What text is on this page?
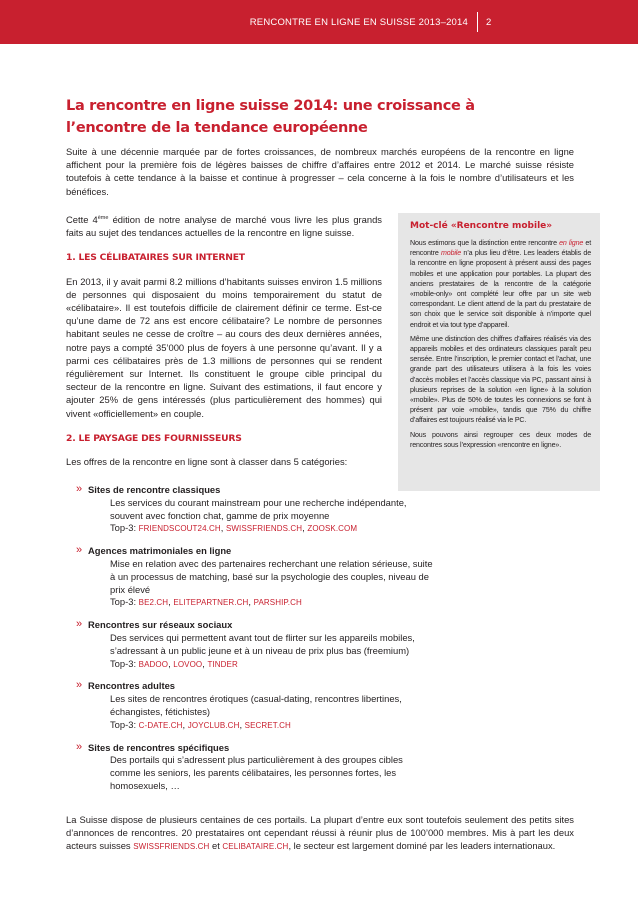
RENCONTRE EN LIGNE EN SUISSE 2013–2014 2
La rencontre en ligne suisse 2014: une croissance à l’encontre de la tendance européenne

Suite à une décennie marquée par de fortes croissances, de nombreux marchés européens de la rencontre en ligne affichent pour la première fois de légères baisses de chiffre d’affaires entre 2012 et 2014. Le marché suisse résiste toutefois à cette tendance à la baisse et continue à progresser – cela concerne à la fois le nombre d’utilisateurs et les bénéfices.

Cette 4ème édition de notre analyse de marché vous livre les plus grands faits au sujet des tendances actuelles de la rencontre en ligne suisse.

1. LES CÉLIBATAIRES SUR INTERNET

En 2013, il y avait parmi 8.2 millions d’habitants suisses environ 1.5 millions de personnes qui disposaient du moins temporairement du statut de «célibataire». Il est toutefois difficile de clairement définir ce terme. Est-ce qu’une dame de 72 ans est encore célibataire? Le nombre de personnes habitant seules ne cesse de croître – au cours des deux dernières années, notre pays a compté 35’000 plus de foyers à une personne qu’avant. Il y a parmi ces célibataires près de 1.3 millions de personnes qui se rendent régulièrement sur Internet. Ils constituent le groupe cible principal du secteur de la rencontre en ligne. Suivant des estimations, il faut encore y ajouter 25% de gens intéressés (plus particulièrement des hommes) qui vivent «officiellement» en couple.

2. LE PAYSAGE DES FOURNISSEURS

Les offres de la rencontre en ligne sont à classer dans 5 catégories:

Mot-clé «Rencontre mobile»

Nous estimons que la distinction entre rencontre en ligne et rencontre mobile n’a plus lieu d’être. Les leaders établis de la rencontre en ligne proposent à présent aussi des pages mobiles et une application pour portables. La plupart des anciens prestataires de la rencontre de la catégorie «mobile-only» ont complété leur offre par un site web correspondant. Le client attend de la part du prestataire de son choix que le service soit disponible à n’importe quel endroit et via tout type d’appareil.

Même une distinction des chiffres d’affaires réalisés via des appareils mobiles et des ordinateurs classiques paraît peu sensée. Entre l’inscription, le premier contact et l’achat, une grande part des utilisateurs utilisera à la fois les voies d’accès mobiles et l’accès classique via PC, passant ainsi à plusieurs reprises de la solution «en ligne» à la solution «mobile». Plus de 50% de toutes les connexions se font à présent par voie «mobile», tandis que 75% du chiffre d’affaires est toujours réalisé via le PC.

Nous pouvons ainsi regrouper ces deux modes de rencontres sous l’expression «rencontre en ligne».

» Sites de rencontre classiques
Les services du courant mainstream pour une recherche indépendante, souvent avec fonction chat, gamme de prix moyenne
Top-3: FRIENDSCOUT24.CH, SWISSFRIENDS.CH, ZOOSK.COM
» Agences matrimoniales en ligne
Mise en relation avec des partenaires recherchant une relation sérieuse, suite à un processus de matching, basé sur la psychologie des couples, niveau de prix élevé
Top-3: BE2.CH, ELITEPARTNER.CH, PARSHIP.CH
» Rencontres sur réseaux sociaux
Des services qui permettent avant tout de flirter sur les appareils mobiles, s’adressant à un public jeune et à un niveau de prix plus bas (freemium)
Top-3: BADOO, LOVOO, TINDER
» Rencontres adultes
Les sites de rencontres érotiques (casual-dating, rencontres libertines, échangistes, fétichistes)
Top-3: C-DATE.CH, JOYCLUB.CH, SECRET.CH
» Sites de rencontres spécifiques
Des portails qui s’adressent plus particulièrement à des groupes cibles comme les seniors, les parents célibataires, les personnes fortes, les homosexuels, …

La Suisse dispose de plusieurs centaines de ces portails. La plupart d’entre eux sont toutefois seulement des petits sites d’annonces de rencontres. 20 prestataires ont cependant réussi à réunir plus de 100’000 membres. Mis à part les deux acteurs suisses SWISSFRIENDS.CH et CELIBATAIRE.CH, le secteur est largement dominé par les leaders internationaux.
